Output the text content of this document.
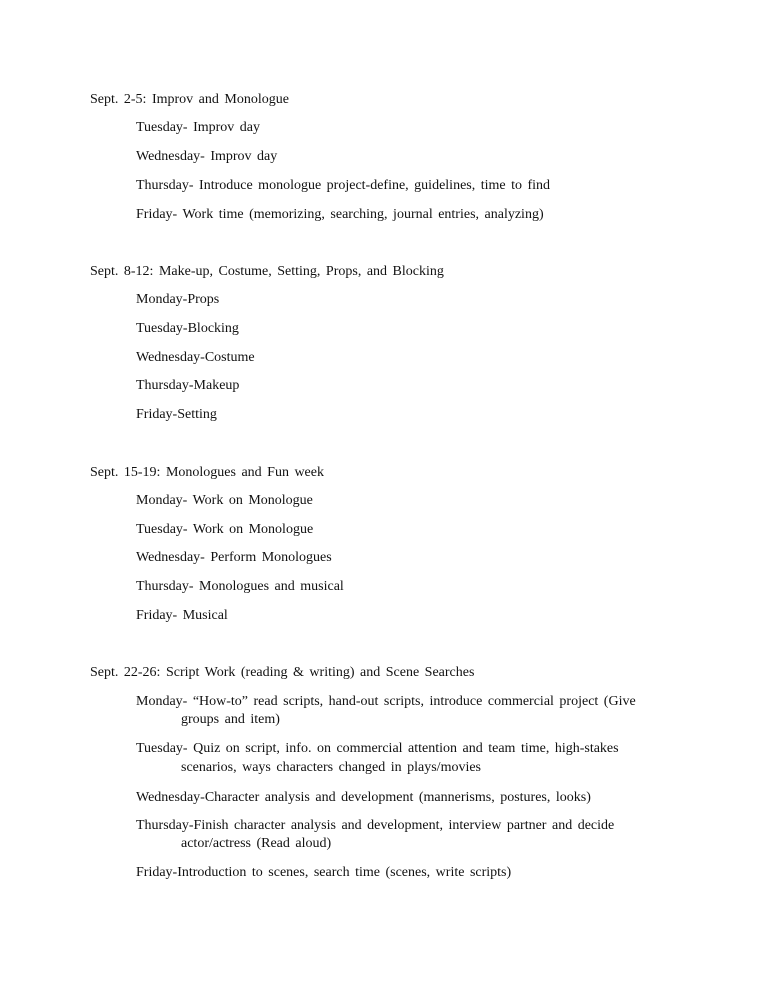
Sept. 2-5: Improv and Monologue
Tuesday- Improv day
Wednesday- Improv day
Thursday- Introduce monologue project-define, guidelines, time to find
Friday- Work time (memorizing, searching, journal entries, analyzing)
Sept. 8-12: Make-up, Costume, Setting, Props, and Blocking
Monday-Props
Tuesday-Blocking
Wednesday-Costume
Thursday-Makeup
Friday-Setting
Sept. 15-19: Monologues and Fun week
Monday- Work on Monologue
Tuesday- Work on Monologue
Wednesday- Perform Monologues
Thursday- Monologues and musical
Friday- Musical
Sept. 22-26: Script Work (reading & writing) and Scene Searches
Monday- “How-to” read scripts, hand-out scripts, introduce commercial project (Give
groups and item)
Tuesday- Quiz on script, info. on commercial attention and team time, high-stakes
scenarios, ways characters changed in plays/movies
Wednesday-Character analysis and development (mannerisms, postures, looks)
Thursday-Finish character analysis and development, interview partner and decide
actor/actress (Read aloud)
Friday-Introduction to scenes, search time (scenes, write scripts)
